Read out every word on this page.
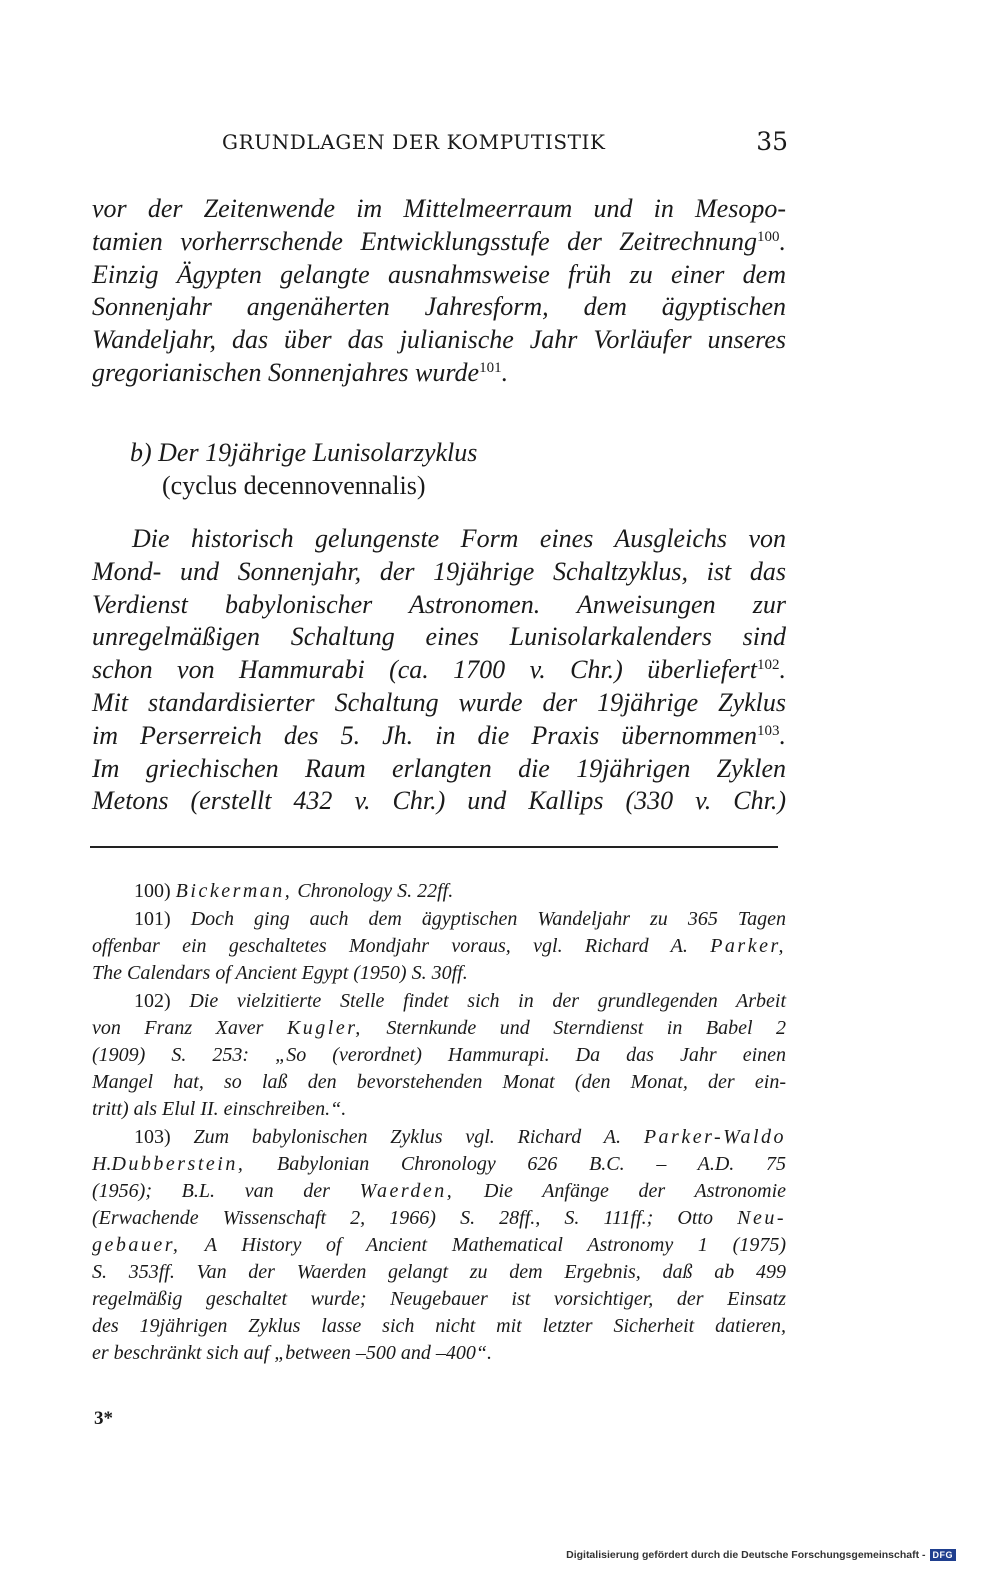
GRUNDLAGEN DER KOMPUTISTIK	35
vor der Zeitenwende im Mittelmeerraum und in Mesopo-
tamien vorherrschende Entwicklungsstufe der Zeitrechnung$^{100}$.
Einzig Ägypten gelangte ausnahmsweise früh zu einer dem
Sonnenjahr angenäherten Jahresform, dem ägyptischen
Wandeljahr, das über das julianische Jahr Vorläufer unseres
gregorianischen Sonnenjahres wurde$^{101}$.
b) Der 19jährige Lunisolarzyklus
(cyclus decennovennalis)
Die historisch gelungenste Form eines Ausgleichs von
Mond- und Sonnenjahr, der 19jährige Schaltzyklus, ist das
Verdienst babylonischer Astronomen. Anweisungen zur
unregelmäßigen Schaltung eines Lunisolarkalenders sind
schon von Hammurabi (ca. 1700 v. Chr.) überliefert$^{102}$.
Mit standardisierter Schaltung wurde der 19jährige Zyklus
im Perserreich des 5. Jh. in die Praxis übernommen$^{103}$.
Im griechischen Raum erlangten die 19jährigen Zyklen
Metons (erstellt 432 v. Chr.) und Kallips (330 v. Chr.)
100) Bickerman, Chronology S. 22ff.
101) Doch ging auch dem ägyptischen Wandeljahr zu 365 Tagen
offenbar ein geschaltetes Mondjahr voraus, vgl. Richard A. Parker,
The Calendars of Ancient Egypt (1950) S. 30ff.
102) Die vielzitierte Stelle findet sich in der grundlegenden Arbeit
von Franz Xaver Kugler, Sternkunde und Sterndienst in Babel 2
(1909) S. 253: „So (verordnet) Hammurapi. Da das Jahr einen
Mangel hat, so laß den bevorstehenden Monat (den Monat, der ein-
tritt) als Elul II. einschreiben.“.
103) Zum babylonischen Zyklus vgl. Richard A. Parker-Waldo
H.Dubberstein, Babylonian Chronology 626 B.C. – A.D. 75
(1956); B.L. van der Waerden, Die Anfänge der Astronomie
(Erwachende Wissenschaft 2, 1966) S. 28ff., S. 111ff.; Otto Neu-
gebauer, A History of Ancient Mathematical Astronomy 1 (1975)
S. 353ff. Van der Waerden gelangt zu dem Ergebnis, daß ab 499
regelmäßig geschaltet wurde; Neugebauer ist vorsichtiger, der Einsatz
des 19jährigen Zyklus lasse sich nicht mit letzter Sicherheit datieren,
er beschränkt sich auf „between –500 and –400“.
3*
Digitalisierung gefördert durch die Deutsche Forschungsgemeinschaft - DFG
